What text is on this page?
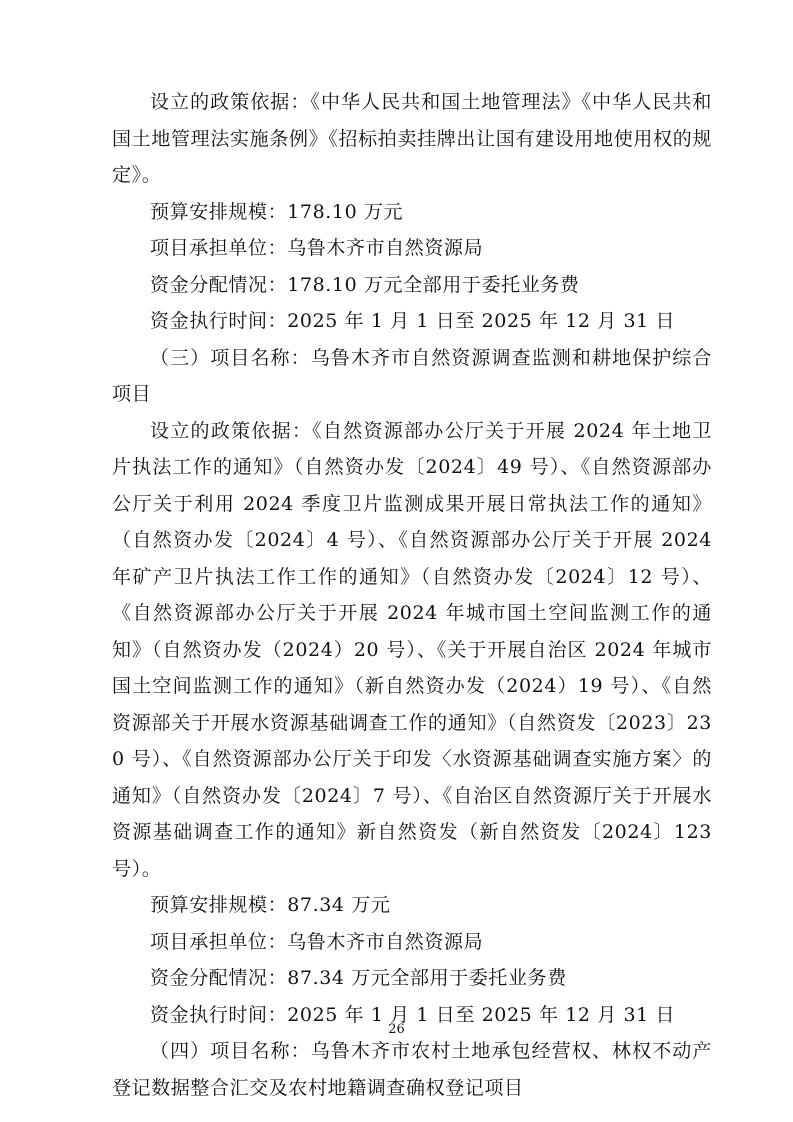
设立的政策依据：《中华人民共和国土地管理法》《中华人民共和国土地管理法实施条例》《招标拍卖挂牌出让国有建设用地使用权的规定》。

预算安排规模：178.10 万元

项目承担单位：乌鲁木齐市自然资源局

资金分配情况：178.10 万元全部用于委托业务费

资金执行时间：2025 年 1 月 1 日至 2025 年 12 月 31 日

（三）项目名称：乌鲁木齐市自然资源调查监测和耕地保护综合项目

设立的政策依据：《自然资源部办公厅关于开展 2024 年土地卫片执法工作的通知》（自然资办发〔2024〕49 号）、《自然资源部办公厅关于利用 2024 季度卫片监测成果开展日常执法工作的通知》（自然资办发〔2024〕4 号）、《自然资源部办公厅关于开展 2024 年矿产卫片执法工作工作的通知》（自然资办发〔2024〕12 号）、《自然资源部办公厅关于开展 2024 年城市国土空间监测工作的通知》（自然资办发（2024）20 号）、《关于开展自治区 2024 年城市国土空间监测工作的通知》（新自然资办发（2024）19 号）、《自然资源部关于开展水资源基础调查工作的通知》（自然资发〔2023〕230 号）、《自然资源部办公厅关于印发〈水资源基础调查实施方案〉的通知》（自然资办发〔2024〕7 号）、《自治区自然资源厅关于开展水资源基础调查工作的通知》新自然资发（新自然资发〔2024〕123 号）。

预算安排规模：87.34 万元

项目承担单位：乌鲁木齐市自然资源局

资金分配情况：87.34 万元全部用于委托业务费

资金执行时间：2025 年 1 月 1 日至 2025 年 12 月 31 日

（四）项目名称：乌鲁木齐市农村土地承包经营权、林权不动产登记数据整合汇交及农村地籍调查确权登记项目

26
